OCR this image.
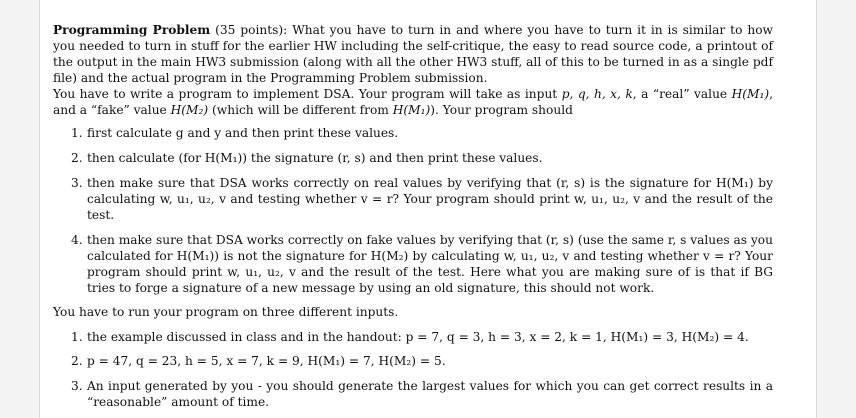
Programming Problem (35 points): What you have to turn in and where you have to turn it in is similar to how you needed to turn in stuff for the earlier HW including the self-critique, the easy to read source code, a printout of the output in the main HW3 submission (along with all the other HW3 stuff, all of this to be turned in as a single pdf file) and the actual program in the Programming Problem submission.

You have to write a program to implement DSA. Your program will take as input p, q, h, x, k, a “real” value H(M₁), and a “fake” value H(M₂) (which will be different from H(M₁)). Your program should

1. first calculate g and y and then print these values.
2. then calculate (for H(M₁)) the signature (r, s) and then print these values.
3. then make sure that DSA works correctly on real values by verifying that (r, s) is the signature for H(M₁) by calculating w, u₁, u₂, v and testing whether v = r? Your program should print w, u₁, u₂, v and the result of the test.
4. then make sure that DSA works correctly on fake values by verifying that (r, s) (use the same r, s values as you calculated for H(M₁)) is not the signature for H(M₂) by calculating w, u₁, u₂, v and testing whether v = r? Your program should print w, u₁, u₂, v and the result of the test. Here what you are making sure of is that if BG tries to forge a signature of a new message by using an old signature, this should not work.

You have to run your program on three different inputs.

1. the example discussed in class and in the handout: p = 7, q = 3, h = 3, x = 2, k = 1, H(M₁) = 3, H(M₂) = 4.
2. p = 47, q = 23, h = 5, x = 7, k = 9, H(M₁) = 7, H(M₂) = 5.
3. An input generated by you - you should generate the largest values for which you can get correct results in a “reasonable” amount of time.
